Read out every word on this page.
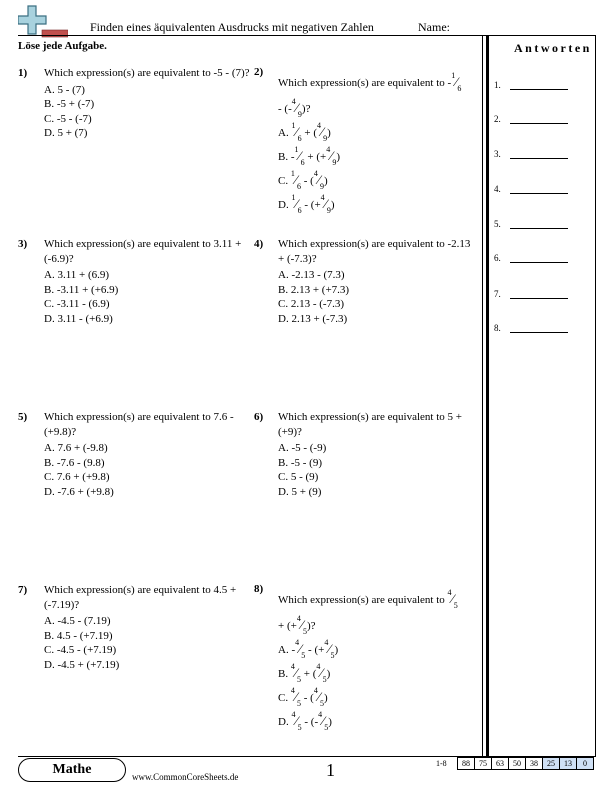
Finden eines äquivalenten Ausdrucks mit negativen Zahlen	Name:
Löse jede Aufgabe.	Antworten
1.
2.
3.
4.
5.
6.
7.
8.
1) Which expression(s) are equivalent to -5 - (7)?
A. 5 - (7)
B. -5 + (-7)
C. -5 - (-7)
D. 5 + (7)
2)
Which expression(s) are equivalent to $-^1⁄_6$
- $(-^4⁄_9)$?
A. $^1⁄_6$ + $(^4⁄_9)$
B. $-^1⁄_6$ + $(+^4⁄_9)$
C. $^1⁄_6$ - $(^4⁄_9)$
D. $^1⁄_6$ - $(+^4⁄_9)$
3) Which expression(s) are equivalent to 3.11 + (-6.9)?
A. 3.11 + (6.9)
B. -3.11 + (+6.9)
C. -3.11 - (6.9)
D. 3.11 - (+6.9)
4) Which expression(s) are equivalent to -2.13 + (-7.3)?
A. -2.13 - (7.3)
B. 2.13 + (+7.3)
C. 2.13 - (-7.3)
D. 2.13 + (-7.3)
5) Which expression(s) are equivalent to 7.6 - (+9.8)?
A. 7.6 + (-9.8)
B. -7.6 - (9.8)
C. 7.6 + (+9.8)
D. -7.6 + (+9.8)
6) Which expression(s) are equivalent to 5 + (+9)?
A. -5 - (-9)
B. -5 - (9)
C. 5 - (9)
D. 5 + (9)
7) Which expression(s) are equivalent to 4.5 + (-7.19)?
A. -4.5 - (7.19)
B. 4.5 - (+7.19)
C. -4.5 - (+7.19)
D. -4.5 + (+7.19)
8)
Which expression(s) are equivalent to $^4⁄_5$
+ $(+^4⁄_5)$?
A. $-^4⁄_5$ - $(+^4⁄_5)$
B. $^4⁄_5$ + $(^4⁄_5)$
C. $^4⁄_5$ - $(^4⁄_5)$
D. $^4⁄_5$ - $(-^4⁄_5)$
Mathe	www.CommonCoreSheets.de	1	1-8	88	75	63	50	38	25	13	0
